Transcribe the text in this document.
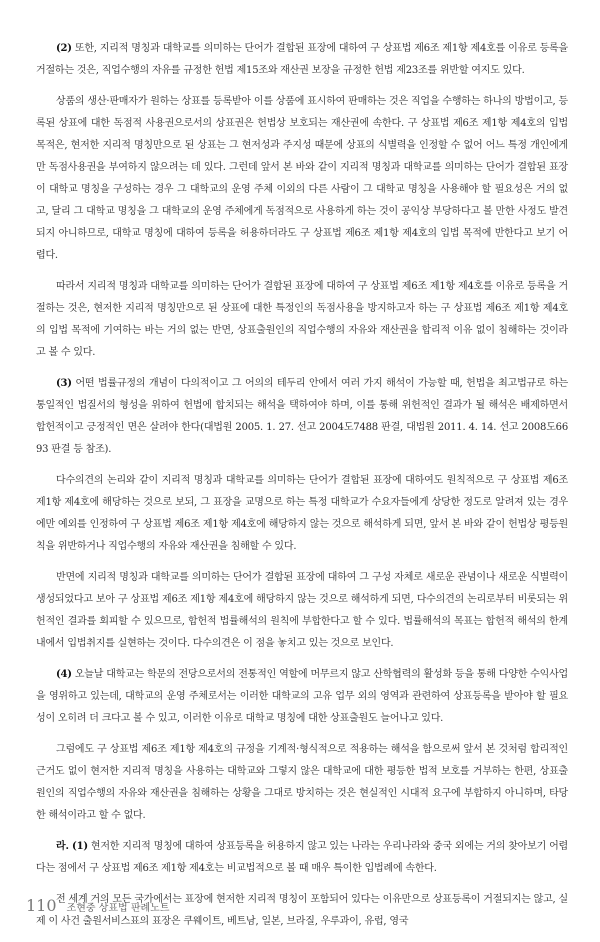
(2) 또한, 지리적 명칭과 대학교를 의미하는 단어가 결합된 표장에 대하여 구 상표법 제6조 제1항 제4호를 이유로 등록을 거절하는 것은, 직업수행의 자유를 규정한 헌법 제15조와 재산권 보장을 규정한 헌법 제23조를 위반할 여지도 있다.

상품의 생산·판매자가 원하는 상표를 등록받아 이를 상품에 표시하여 판매하는 것은 직업을 수행하는 하나의 방법이고, 등록된 상표에 대한 독점적 사용권으로서의 상표권은 헌법상 보호되는 재산권에 속한다. 구 상표법 제6조 제1항 제4호의 입법 목적은, 현저한 지리적 명칭만으로 된 상표는 그 현저성과 주지성 때문에 상표의 식별력을 인정할 수 없어 어느 특정 개인에게만 독점사용권을 부여하지 않으려는 데 있다. 그런데 앞서 본 바와 같이 지리적 명칭과 대학교를 의미하는 단어가 결합된 표장이 대학교 명칭을 구성하는 경우 그 대학교의 운영 주체 이외의 다른 사람이 그 대학교 명칭을 사용해야 할 필요성은 거의 없고, 달리 그 대학교 명칭을 그 대학교의 운영 주체에게 독점적으로 사용하게 하는 것이 공익상 부당하다고 볼 만한 사정도 발견되지 아니하므로, 대학교 명칭에 대하여 등록을 허용하더라도 구 상표법 제6조 제1항 제4호의 입법 목적에 반한다고 보기 어렵다.

따라서 지리적 명칭과 대학교를 의미하는 단어가 결합된 표장에 대하여 구 상표법 제6조 제1항 제4호를 이유로 등록을 거절하는 것은, 현저한 지리적 명칭만으로 된 상표에 대한 특정인의 독점사용을 방지하고자 하는 구 상표법 제6조 제1항 제4호의 입법 목적에 기여하는 바는 거의 없는 반면, 상표출원인의 직업수행의 자유와 재산권을 합리적 이유 없이 침해하는 것이라고 볼 수 있다.

(3) 어떤 법률규정의 개념이 다의적이고 그 어의의 테두리 안에서 여러 가지 해석이 가능할 때, 헌법을 최고법규로 하는 통일적인 법질서의 형성을 위하여 헌법에 합치되는 해석을 택하여야 하며, 이를 통해 위헌적인 결과가 될 해석은 배제하면서 합헌적이고 긍정적인 면은 살려야 한다(대법원 2005. 1. 27. 선고 2004도7488 판결, 대법원 2011. 4. 14. 선고 2008도6693 판결 등 참조).

다수의견의 논리와 같이 지리적 명칭과 대학교를 의미하는 단어가 결합된 표장에 대하여도 원칙적으로 구 상표법 제6조 제1항 제4호에 해당하는 것으로 보되, 그 표장을 교명으로 하는 특정 대학교가 수요자들에게 상당한 정도로 알려져 있는 경우에만 예외를 인정하여 구 상표법 제6조 제1항 제4호에 해당하지 않는 것으로 해석하게 되면, 앞서 본 바와 같이 헌법상 평등원칙을 위반하거나 직업수행의 자유와 재산권을 침해할 수 있다.

반면에 지리적 명칭과 대학교를 의미하는 단어가 결합된 표장에 대하여 그 구성 자체로 새로운 관념이나 새로운 식별력이 생성되었다고 보아 구 상표법 제6조 제1항 제4호에 해당하지 않는 것으로 해석하게 되면, 다수의견의 논리로부터 비롯되는 위헌적인 결과를 회피할 수 있으므로, 합헌적 법률해석의 원칙에 부합한다고 할 수 있다. 법률해석의 목표는 합헌적 해석의 한계 내에서 입법취지를 실현하는 것이다. 다수의견은 이 점을 놓치고 있는 것으로 보인다.

(4) 오늘날 대학교는 학문의 전당으로서의 전통적인 역할에 머무르지 않고 산학협력의 활성화 등을 통해 다양한 수익사업을 영위하고 있는데, 대학교의 운영 주체로서는 이러한 대학교의 고유 업무 외의 영역과 관련하여 상표등록을 받아야 할 필요성이 오히려 더 크다고 볼 수 있고, 이러한 이유로 대학교 명칭에 대한 상표출원도 늘어나고 있다.

그럼에도 구 상표법 제6조 제1항 제4호의 규정을 기계적·형식적으로 적용하는 해석을 함으로써 앞서 본 것처럼 합리적인 근거도 없이 현저한 지리적 명칭을 사용하는 대학교와 그렇지 않은 대학교에 대한 평등한 법적 보호를 거부하는 한편, 상표출원인의 직업수행의 자유와 재산권을 침해하는 상황을 그대로 방치하는 것은 현실적인 시대적 요구에 부합하지 아니하며, 타당한 해석이라고 할 수 없다.

라. (1) 현저한 지리적 명칭에 대하여 상표등록을 허용하지 않고 있는 나라는 우리나라와 중국 외에는 거의 찾아보기 어렵다는 점에서 구 상표법 제6조 제1항 제4호는 비교법적으로 볼 때 매우 특이한 입법례에 속한다.

전 세계 거의 모든 국가에서는 표장에 현저한 지리적 명칭이 포함되어 있다는 이유만으로 상표등록이 거절되지는 않고, 실제 이 사건 출원서비스표의 표장은 쿠웨이트, 베트남, 일본, 브라질, 우루과이, 유럽, 영국

110 조현중 상표법 판례노트
